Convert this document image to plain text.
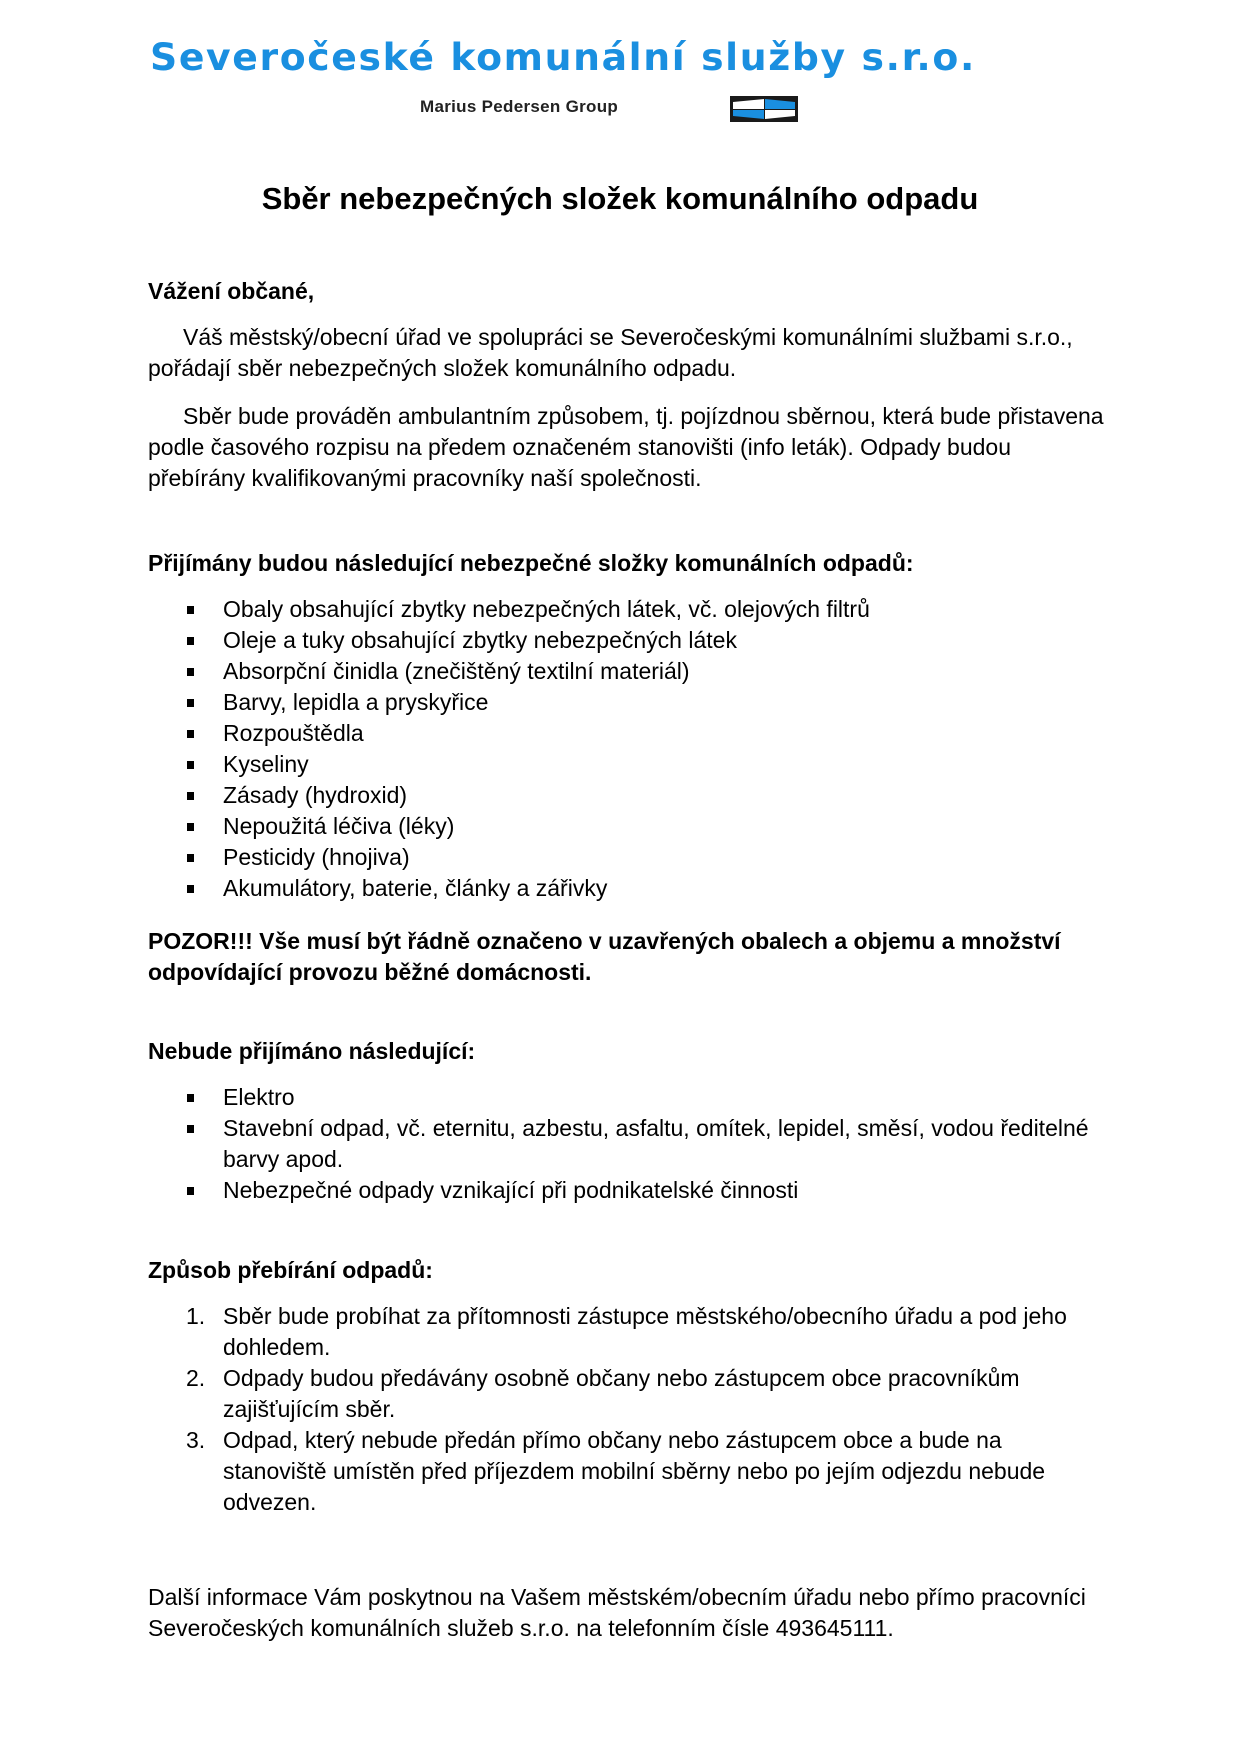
Severočeské komunální služby s.r.o.
Marius Pedersen Group
Sběr nebezpečných složek komunálního odpadu
Vážení občané,

Váš městský/obecní úřad ve spolupráci se Severočeskými komunálními službami s.r.o., pořádají sběr nebezpečných složek komunálního odpadu.

Sběr bude prováděn ambulantním způsobem, tj. pojízdnou sběrnou, která bude přistavena podle časového rozpisu na předem označeném stanovišti (info leták). Odpady budou přebírány kvalifikovanými pracovníky naší společnosti.

Přijímány budou následující nebezpečné složky komunálních odpadů:
Obaly obsahující zbytky nebezpečných látek, vč. olejových filtrů
Oleje a tuky obsahující zbytky nebezpečných látek
Absorpční činidla (znečištěný textilní materiál)
Barvy, lepidla a pryskyřice
Rozpouštědla
Kyseliny
Zásady (hydroxid)
Nepoužitá léčiva (léky)
Pesticidy (hnojiva)
Akumulátory, baterie, články a zářivky
POZOR!!! Vše musí být řádně označeno v uzavřených obalech a objemu a množství odpovídající provozu běžné domácnosti.
Nebude přijímáno následující:
Elektro
Stavební odpad, vč. eternitu, azbestu, asfaltu, omítek, lepidel, směsí, vodou ředitelné barvy apod.
Nebezpečné odpady vznikající při podnikatelské činnosti
Způsob přebírání odpadů:
1. Sběr bude probíhat za přítomnosti zástupce městského/obecního úřadu a pod jeho dohledem.
2. Odpady budou předávány osobně občany nebo zástupcem obce pracovníkům zajišťujícím sběr.
3. Odpad, který nebude předán přímo občany nebo zástupcem obce a bude na stanoviště umístěn před příjezdem mobilní sběrny nebo po jejím odjezdu nebude odvezen.
Další informace Vám poskytnou na Vašem městském/obecním úřadu nebo přímo pracovníci Severočeských komunálních služeb s.r.o. na telefonním čísle 493645111.
